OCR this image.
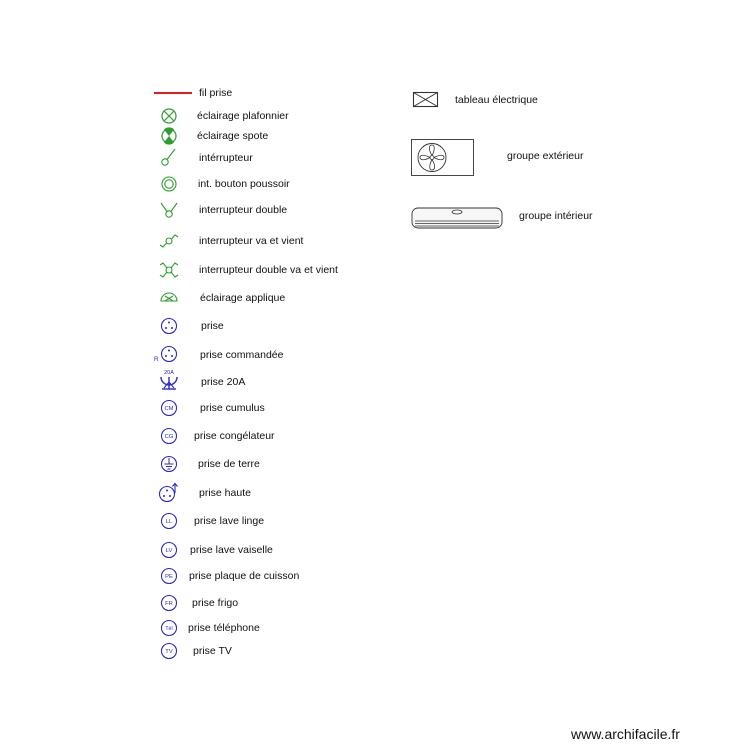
fil prise
éclairage plafonnier
éclairage spote
intérrupteur
int. bouton poussoir
interrupteur double
interrupteur va et vient
interrupteur double va et vient
éclairage applique
prise
R	prise commandée
20A
prise 20A
CM	prise cumulus
CG prise congélateur
prise de terre
prise haute
LL prise lave linge
LV prise lave vaiselle
PE prise plaque de cuisson
FR prise frigo
Tél prise téléphone
TV prise TV
tableau électrique
groupe extérieur
groupe intérieur
www.archifacile.fr
